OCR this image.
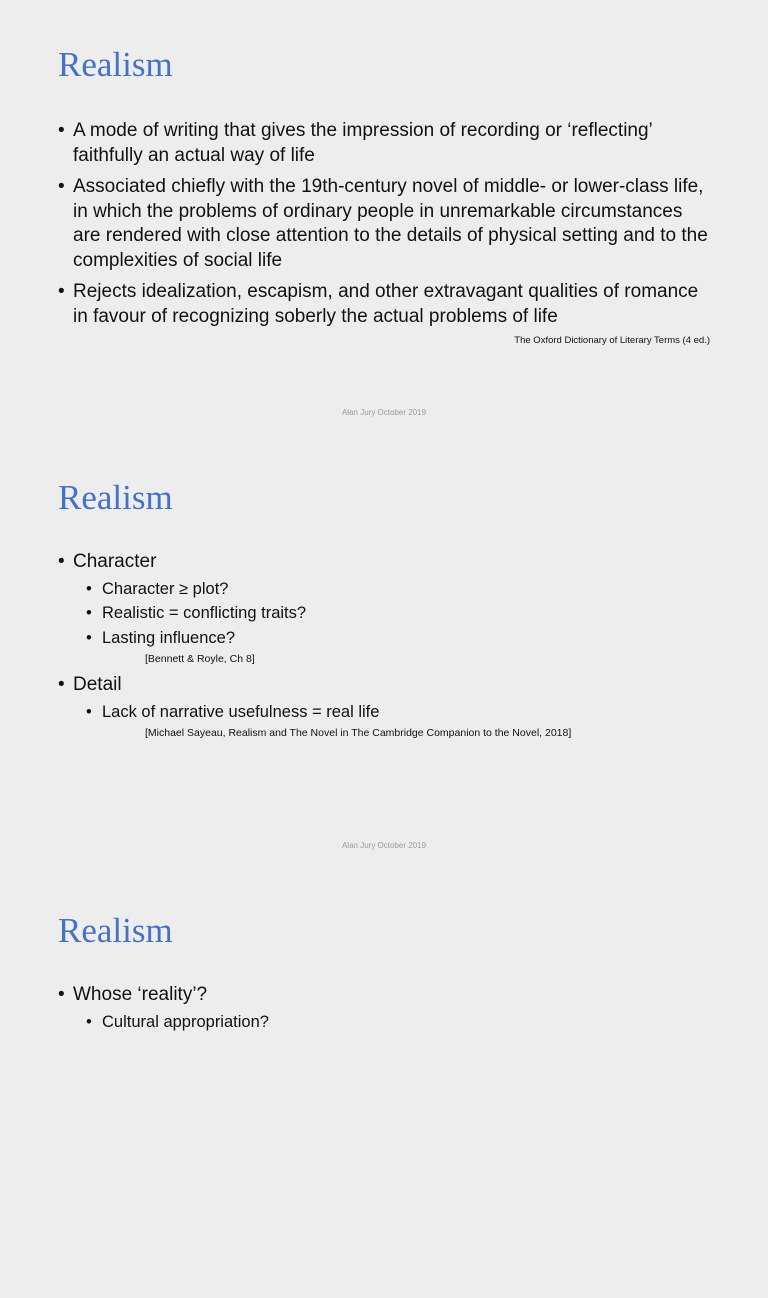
Realism
• A mode of writing that gives the impression of recording or ‘reflecting’ faithfully an actual way of life
• Associated chiefly with the 19th-century novel of middle- or lower-class life, in which the problems of ordinary people in unremarkable circumstances are rendered with close attention to the details of physical setting and to the complexities of social life
• Rejects idealization, escapism, and other extravagant qualities of romance in favour of recognizing soberly the actual problems of life
The Oxford Dictionary of Literary Terms (4 ed.)
Alan Jury October 2019
Realism
• Character
• Character ≥ plot?
• Realistic = conflicting traits?
• Lasting influence?
[Bennett & Royle, Ch 8]
• Detail
• Lack of narrative usefulness = real life
[Michael Sayeau, Realism and The Novel in The Cambridge Companion to the Novel, 2018]
Alan Jury October 2019
Realism
• Whose ‘reality’?
• Cultural appropriation?
